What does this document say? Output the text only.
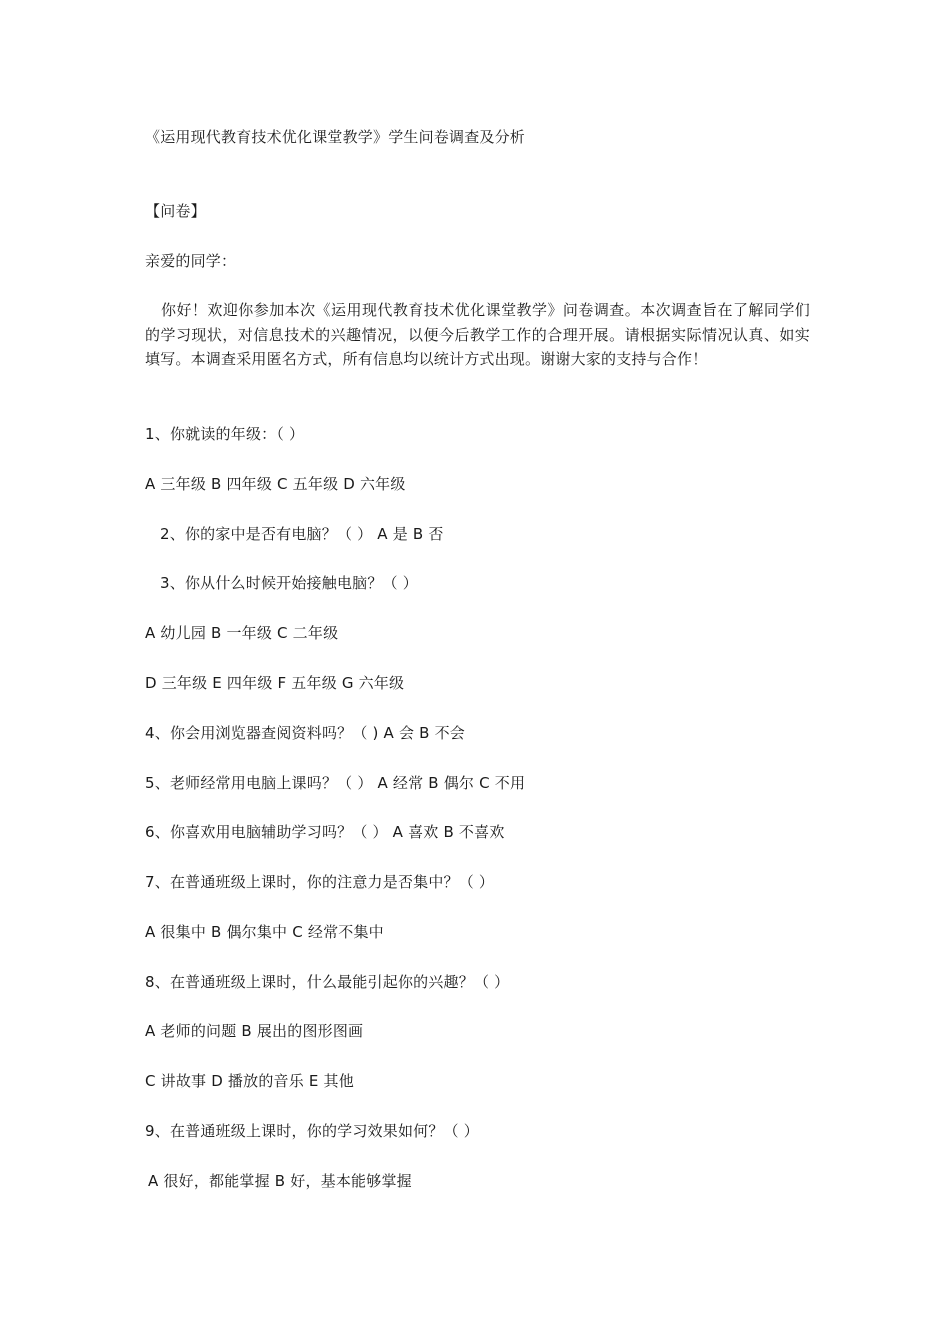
《运用现代教育技术优化课堂教学》学生问卷调查及分析
【问卷】
亲爱的同学：
你好！欢迎你参加本次《运用现代教育技术优化课堂教学》问卷调查。本次调查旨在了解同学们的学习现状，对信息技术的兴趣情况，以便今后教学工作的合理开展。请根据实际情况认真、如实填写。本调查采用匿名方式，所有信息均以统计方式出现。谢谢大家的支持与合作！
1、你就读的年级：（ ）
A 三年级 B 四年级 C 五年级 D 六年级
2、你的家中是否有电脑？（ ） A 是 B 否
3、你从什么时候开始接触电脑？（ ）
A 幼儿园 B 一年级 C 二年级
D 三年级 E 四年级 F 五年级 G 六年级
4、你会用浏览器查阅资料吗？（ ) A 会 B 不会
5、老师经常用电脑上课吗？（ ） A 经常 B 偶尔 C 不用
6、你喜欢用电脑辅助学习吗？（ ） A 喜欢 B 不喜欢
7、在普通班级上课时，你的注意力是否集中？（ ）
A 很集中 B 偶尔集中 C 经常不集中
8、在普通班级上课时，什么最能引起你的兴趣？（ ）
A 老师的问题 B 展出的图形图画
C 讲故事 D 播放的音乐 E 其他
9、在普通班级上课时，你的学习效果如何？（ ）
A 很好，都能掌握 B 好，基本能够掌握
